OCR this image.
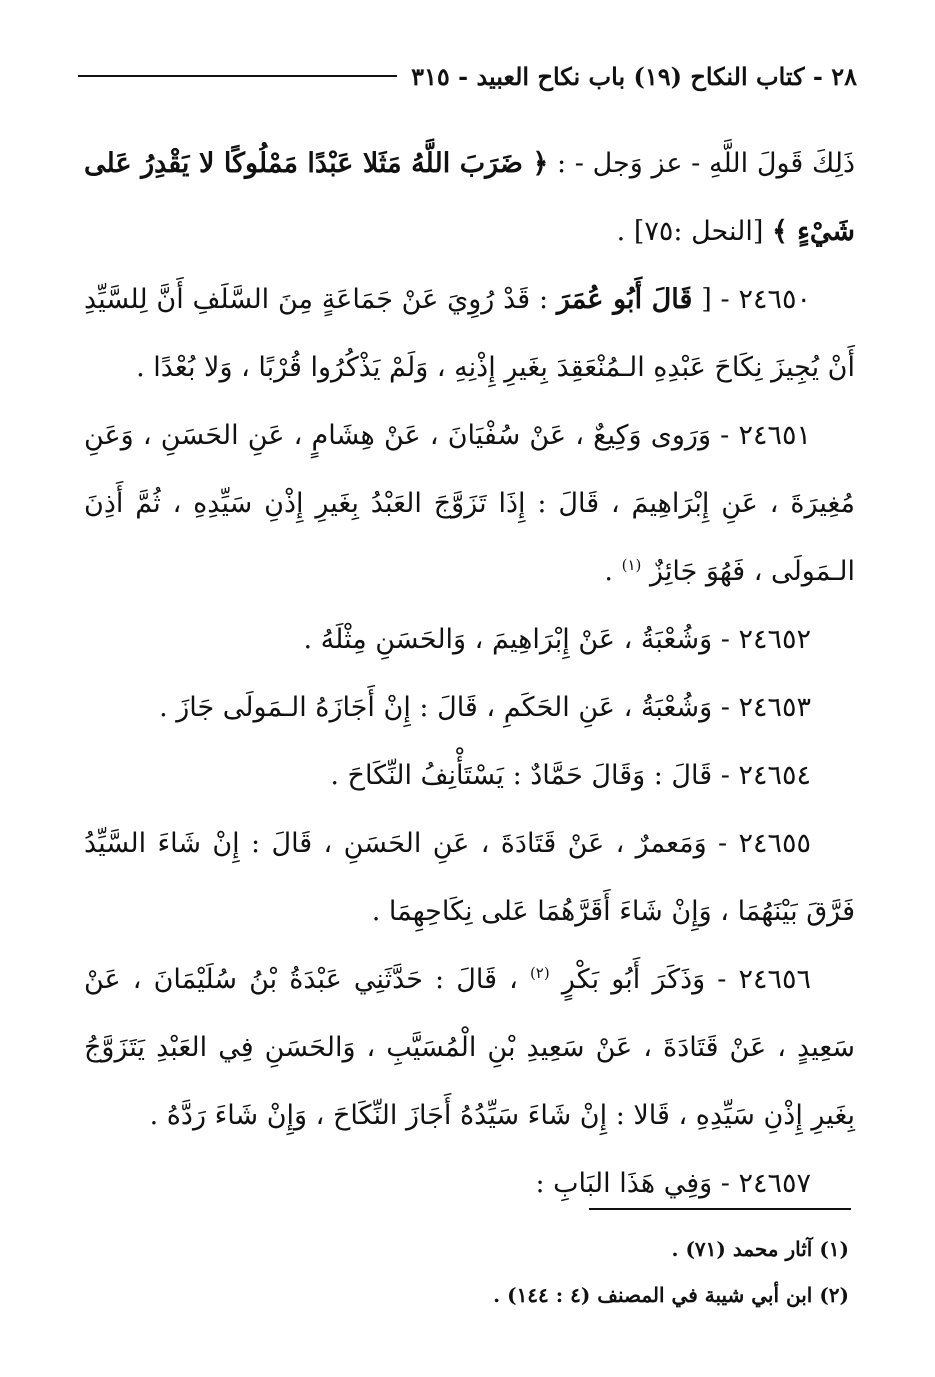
٢٨ - كتاب النكاح (١٩) باب نكاح العبيد - ٣١٥

ذَلِكَ قَولَ اللَّهِ - عز وَجل - : ﴿ ضَرَبَ اللَّهُ مَثَلا عَبْدًا مَمْلُوكًا لا يَقْدِرُ عَلى شَيْءٍ ﴾ [النحل :٧٥] .

٢٤٦٥٠ - [ قَالَ أَبُو عُمَرَ : قَدْ رُوِيَ عَنْ جَمَاعَةٍ مِنَ السَّلَفِ أَنَّ لِلسَّيِّدِ أَنْ يُجِيزَ نِكَاحَ عَبْدِهِ الـمُنْعَقِدَ بِغَيرِ إِذْنِهِ ، وَلَمْ يَذْكُرُوا قُرْبًا ، وَلا بُعْدًا .

٢٤٦٥١ - وَرَوى وَكِيعٌ ، عَنْ سُفْيَانَ ، عَنْ هِشَامٍ ، عَنِ الحَسَنِ ، وَعَنِ مُغِيرَةَ ، عَنِ إِبْرَاهِيمَ ، قَالَ : إِذَا تَزَوَّجَ العَبْدُ بِغَيرِ إِذْنِ سَيِّدِهِ ، ثُمَّ أَذِنَ الـمَولَى ، فَهُوَ جَائِزٌ $^{(١)}$ .

٢٤٦٥٢ - وَشُعْبَةُ ، عَنْ إِبْرَاهِيمَ ، وَالحَسَنِ مِثْلَهُ .

٢٤٦٥٣ - وَشُعْبَةُ ، عَنِ الحَكَمِ ، قَالَ : إِنْ أَجَازَهُ الـمَولَى جَازَ .

٢٤٦٥٤ - قَالَ : وَقَالَ حَمَّادٌ : يَسْتَأْنِفُ النِّكَاحَ .

٢٤٦٥٥ - وَمَعمرٌ ، عَنْ قَتَادَةَ ، عَنِ الحَسَنِ ، قَالَ : إِنْ شَاءَ السَّيِّدُ فَرَّقَ بَيْنَهُمَا ، وَإِنْ شَاءَ أَقَرَّهُمَا عَلى نِكَاحِهِمَا .

٢٤٦٥٦ - وَذَكَرَ أَبُو بَكْرٍ $^{(٢)}$ ، قَالَ : حَدَّثَنِي عَبْدَةُ بْنُ سُلَيْمَانَ ، عَنْ سَعِيدٍ ، عَنْ قَتَادَةَ ، عَنْ سَعِيدِ بْنِ الْمُسَيَّبِ ، وَالحَسَنِ فِي العَبْدِ يَتَزَوَّجُ بِغَيرِ إِذْنِ سَيِّدِهِ ، قَالا : إِنْ شَاءَ سَيِّدُهُ أَجَازَ النِّكَاحَ ، وَإِنْ شَاءَ رَدَّهُ .

٢٤٦٥٧ - وَفِي هَذَا البَابِ :

(١) آثار محمد (٧١) .

(٢) ابن أبي شيبة في المصنف (٤ : ١٤٤) .
